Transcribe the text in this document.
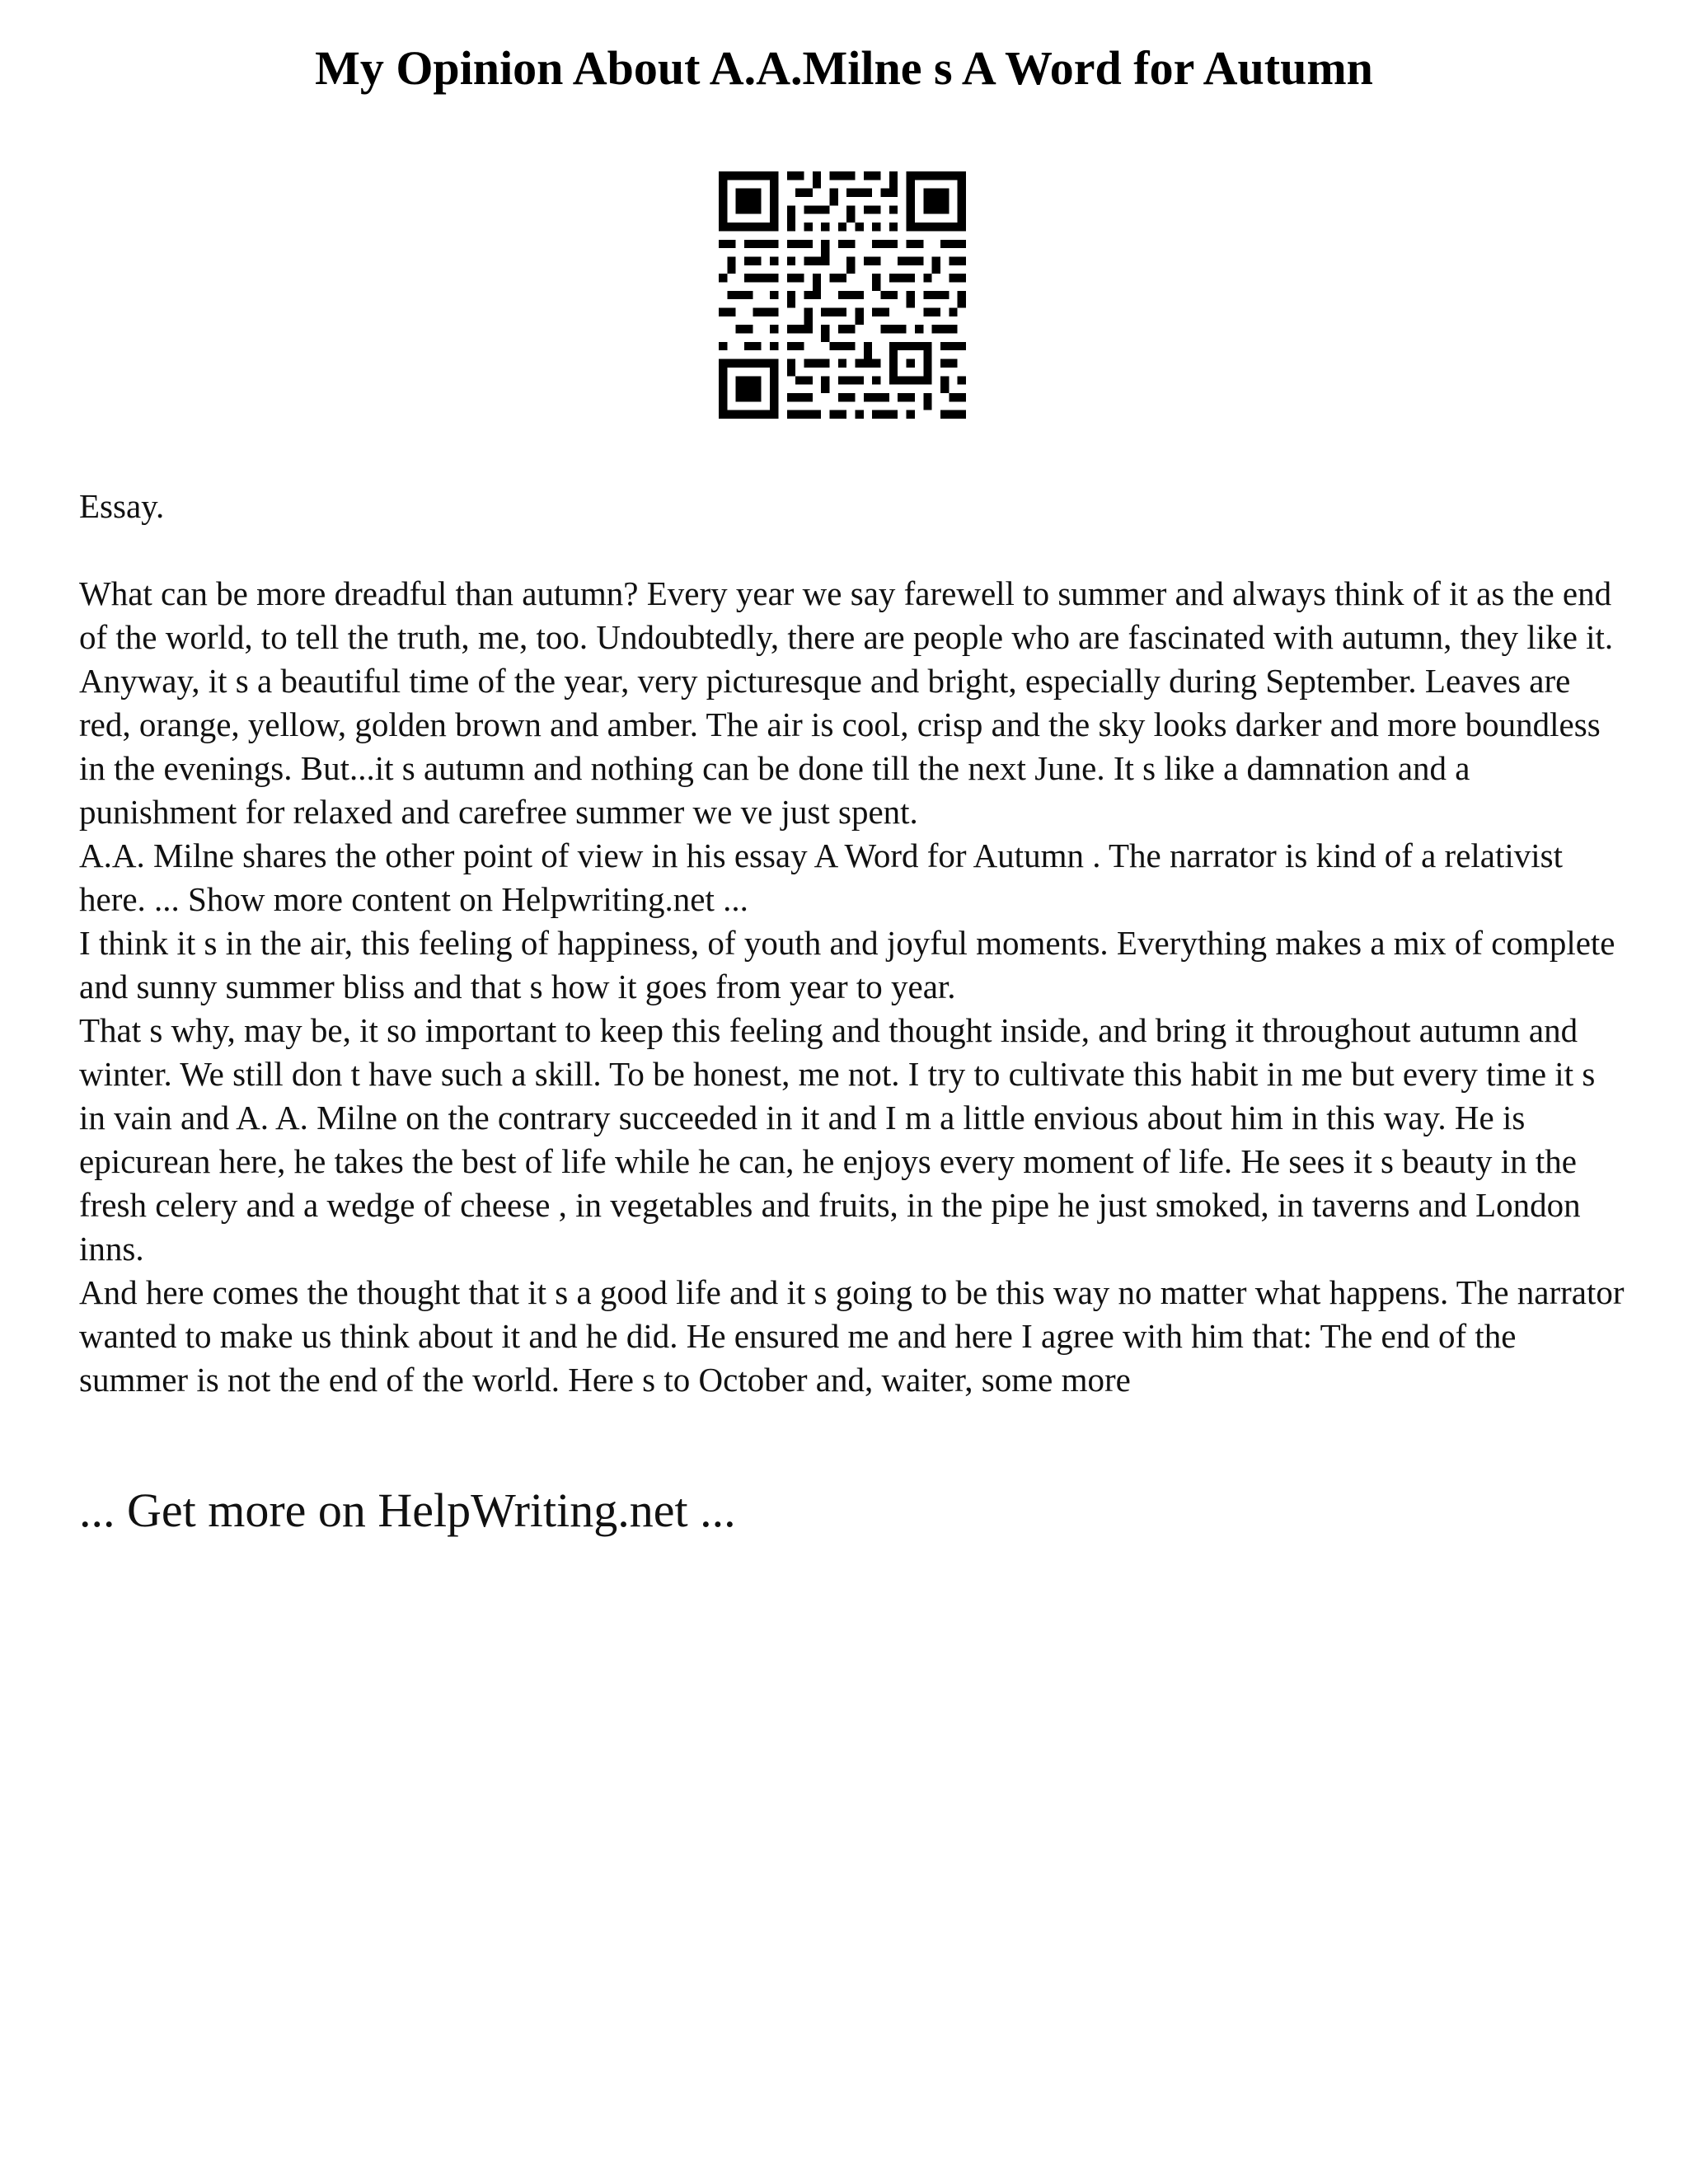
My Opinion About A.A.Milne s A Word for Autumn

Essay.

What can be more dreadful than autumn? Every year we say farewell to summer and always think of it as the end of the world, to tell the truth, me, too. Undoubtedly, there are people who are fascinated with autumn, they like it. Anyway, it s a beautiful time of the year, very picturesque and bright, especially during September. Leaves are red, orange, yellow, golden brown and amber. The air is cool, crisp and the sky looks darker and more boundless in the evenings. But...it s autumn and nothing can be done till the next June. It s like a damnation and a punishment for relaxed and carefree summer we ve just spent.

A.A. Milne shares the other point of view in his essay A Word for Autumn . The narrator is kind of a relativist here. ... Show more content on Helpwriting.net ...

I think it s in the air, this feeling of happiness, of youth and joyful moments. Everything makes a mix of complete and sunny summer bliss and that s how it goes from year to year.

That s why, may be, it so important to keep this feeling and thought inside, and bring it throughout autumn and winter. We still don t have such a skill. To be honest, me not. I try to cultivate this habit in me but every time it s in vain and A. A. Milne on the contrary succeeded in it and I m a little envious about him in this way. He is epicurean here, he takes the best of life while he can, he enjoys every moment of life. He sees it s beauty in the fresh celery and a wedge of cheese , in vegetables and fruits, in the pipe he just smoked, in taverns and London inns.

And here comes the thought that it s a good life and it s going to be this way no matter what happens. The narrator wanted to make us think about it and he did. He ensured me and here I agree with him that: The end of the summer is not the end of the world. Here s to October and, waiter, some more

... Get more on HelpWriting.net ...
